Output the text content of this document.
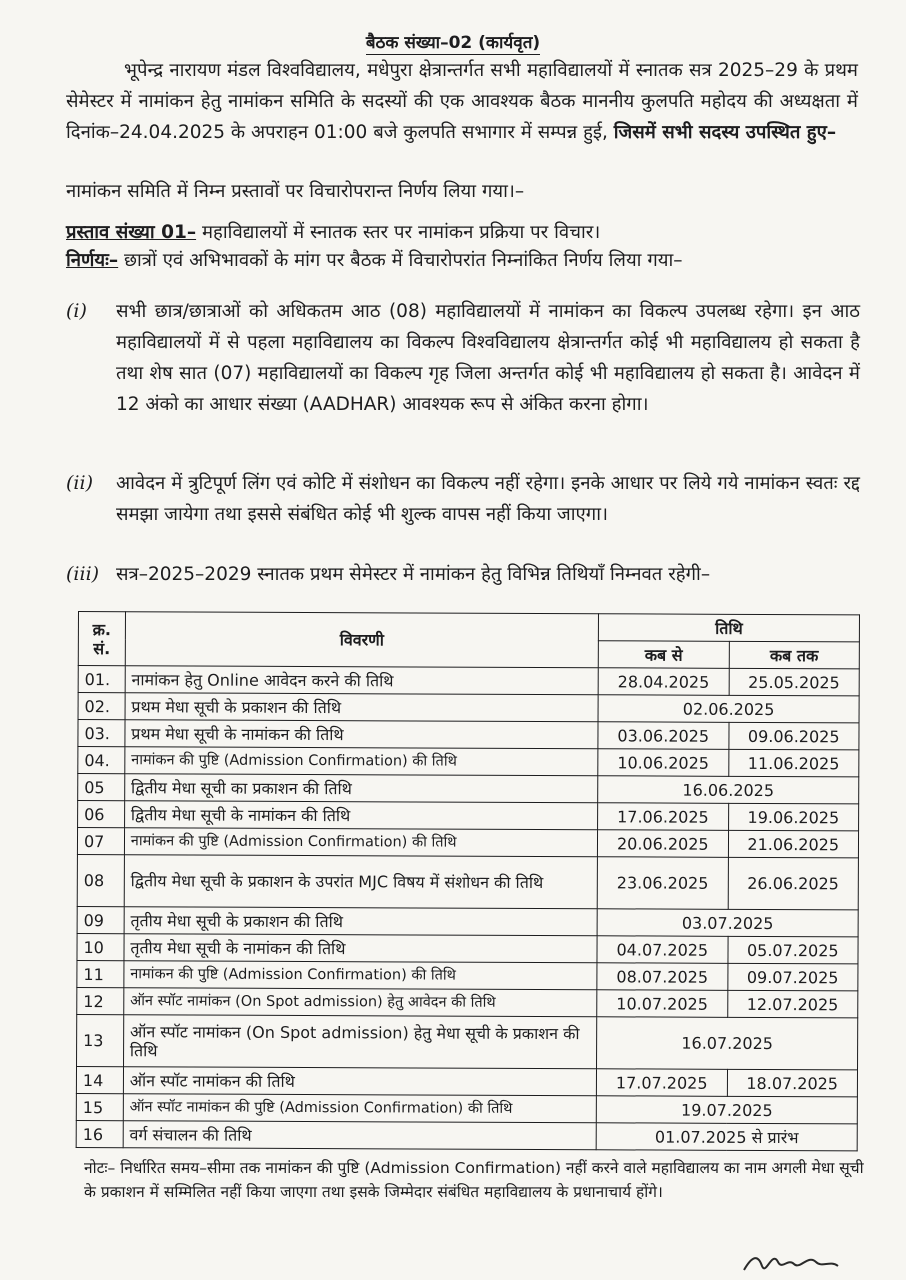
बैठक संख्या–02 (कार्यवृत)
भूपेन्द्र नारायण मंडल विश्वविद्यालय, मधेपुरा क्षेत्रान्तर्गत सभी महाविद्यालयों में स्नातक सत्र 2025–29 के प्रथम सेमेस्टर में नामांकन हेतु नामांकन समिति के सदस्यों की एक आवश्यक बैठक माननीय कुलपति महोदय की अध्यक्षता में दिनांक–24.04.2025 के अपराहन 01:00 बजे कुलपति सभागार में सम्पन्न हुई, जिसमें सभी सदस्य उपस्थित हुए–
नामांकन समिति में निम्न प्रस्तावों पर विचारोपरान्त निर्णय लिया गया।–
प्रस्ताव संख्या 01– महाविद्यालयों में स्नातक स्तर पर नामांकन प्रक्रिया पर विचार।
निर्णयः– छात्रों एवं अभिभावकों के मांग पर बैठक में विचारोपरांत निम्नांकित निर्णय लिया गया–
(i) सभी छात्र/छात्राओं को अधिकतम आठ (08) महाविद्यालयों में नामांकन का विकल्प उपलब्ध रहेगा। इन आठ महाविद्यालयों में से पहला महाविद्यालय का विकल्प विश्वविद्यालय क्षेत्रान्तर्गत कोई भी महाविद्यालय हो सकता है तथा शेष सात (07) महाविद्यालयों का विकल्प गृह जिला अन्तर्गत कोई भी महाविद्यालय हो सकता है। आवेदन में 12 अंको का आधार संख्या (AADHAR) आवश्यक रूप से अंकित करना होगा।
(ii) आवेदन में त्रुटिपूर्ण लिंग एवं कोटि में संशोधन का विकल्प नहीं रहेगा। इनके आधार पर लिये गये नामांकन स्वतः रद्द समझा जायेगा तथा इससे संबंधित कोई भी शुल्क वापस नहीं किया जाएगा।
(iii) सत्र–2025–2029 स्नातक प्रथम सेमेस्टर में नामांकन हेतु विभिन्न तिथियाँ निम्नवत रहेगी–
क्र. सं.	विवरणी	तिथि	
		कब से	कब तक
01.	नामांकन हेतु Online आवेदन करने की तिथि	28.04.2025	25.05.2025
02.	प्रथम मेधा सूची के प्रकाशन की तिथि	02.06.2025	
03.	प्रथम मेधा सूची के नामांकन की तिथि	03.06.2025	09.06.2025
04.	नामांकन की पुष्टि (Admission Confirmation) की तिथि	10.06.2025	11.06.2025
05	द्वितीय मेधा सूची का प्रकाशन की तिथि	16.06.2025	
06	द्वितीय मेधा सूची के नामांकन की तिथि	17.06.2025	19.06.2025
07	नामांकन की पुष्टि (Admission Confirmation) की तिथि	20.06.2025	21.06.2025
08	द्वितीय मेधा सूची के प्रकाशन के उपरांत MJC विषय में संशोधन की तिथि	23.06.2025	26.06.2025
09	तृतीय मेधा सूची के प्रकाशन की तिथि	03.07.2025	
10	तृतीय मेधा सूची के नामांकन की तिथि	04.07.2025	05.07.2025
11	नामांकन की पुष्टि (Admission Confirmation) की तिथि	08.07.2025	09.07.2025
12	ऑन स्पॉट नामांकन (On Spot admission) हेतु आवेदन की तिथि	10.07.2025	12.07.2025
13	ऑन स्पॉट नामांकन (On Spot admission) हेतु मेधा सूची के प्रकाशन की तिथि	16.07.2025	
14	ऑन स्पॉट नामांकन की तिथि	17.07.2025	18.07.2025
15	ऑन स्पॉट नामांकन की पुष्टि (Admission Confirmation) की तिथि	19.07.2025	
16	वर्ग संचालन की तिथि	01.07.2025 से प्रारंभ	
नोटः– निर्धारित समय–सीमा तक नामांकन की पुष्टि (Admission Confirmation) नहीं करने वाले महाविद्यालय का नाम अगली मेधा सूची के प्रकाशन में सम्मिलित नहीं किया जाएगा तथा इसके जिम्मेदार संबंधित महाविद्यालय के प्रधानाचार्य होंगे।
